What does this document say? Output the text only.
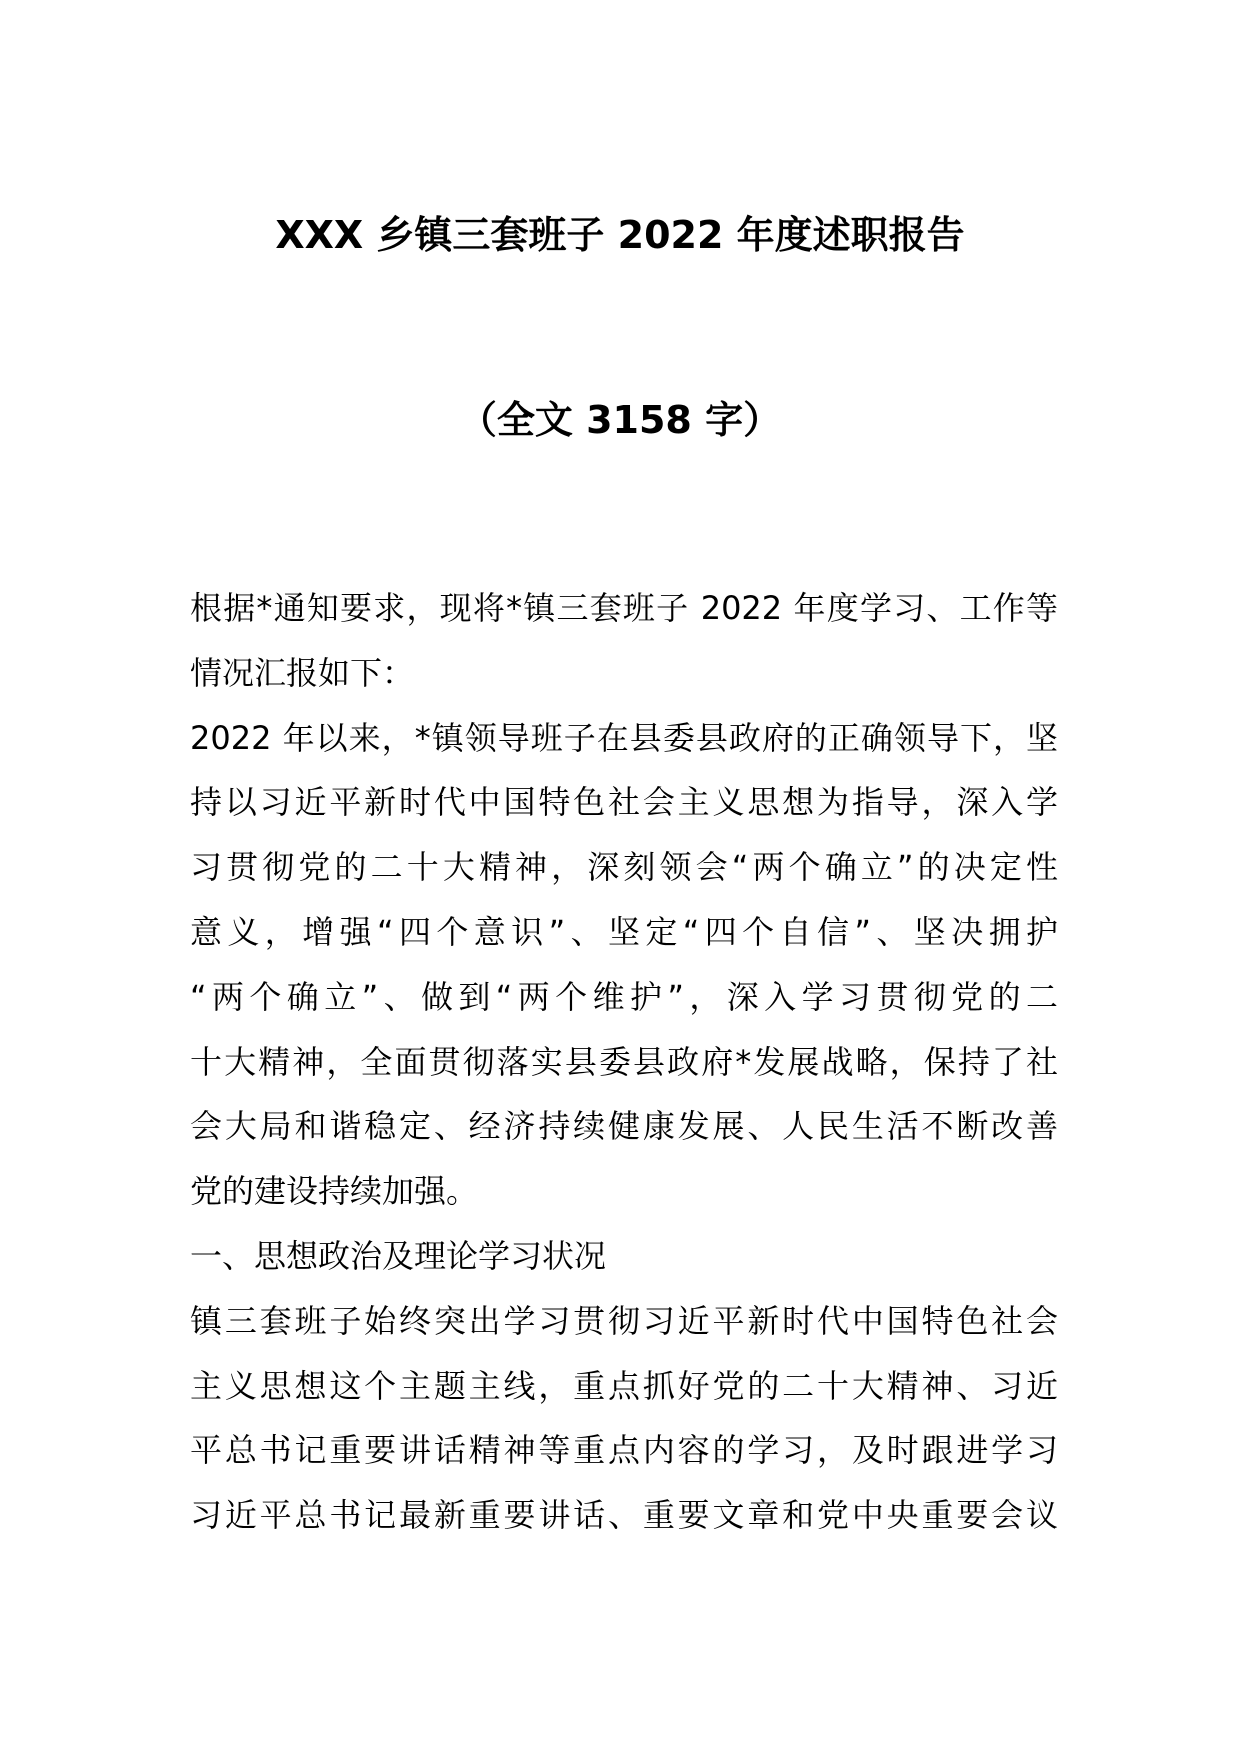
XXX 乡镇三套班子 2022 年度述职报告
（全文 3158 字）

根据*通知要求，现将*镇三套班子 2022 年度学习、工作等

情况汇报如下：

2022 年以来，*镇领导班子在县委县政府的正确领导下，坚

持以习近平新时代中国特色社会主义思想为指导，深入学

习贯彻党的二十大精神，深刻领会“两个确立”的决定性

意义，增强“四个意识”、坚定“四个自信”、坚决拥护

“两个确立”、做到“两个维护”，深入学习贯彻党的二

十大精神，全面贯彻落实县委县政府*发展战略，保持了社

会大局和谐稳定、经济持续健康发展、人民生活不断改善

党的建设持续加强。

一、思想政治及理论学习状况

镇三套班子始终突出学习贯彻习近平新时代中国特色社会

主义思想这个主题主线，重点抓好党的二十大精神、习近

平总书记重要讲话精神等重点内容的学习，及时跟进学习

习近平总书记最新重要讲话、重要文章和党中央重要会议
